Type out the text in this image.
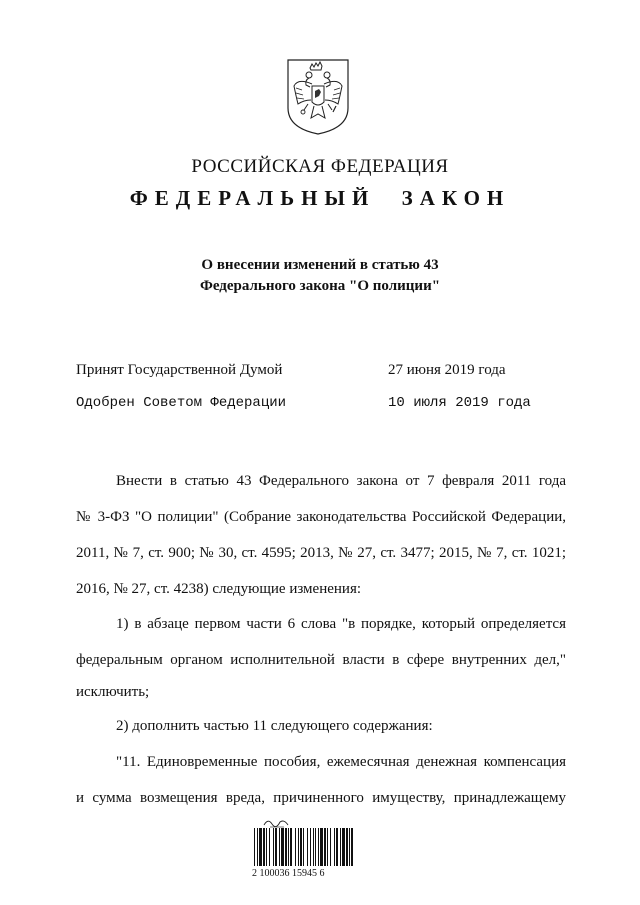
РОССИЙСКАЯ ФЕДЕРАЦИЯ
ФЕДЕРАЛЬНЫЙ ЗАКОН
О внесении изменений в статью 43
Федерального закона "О полиции"
Принят Государственной Думой	27 июня 2019 года
Одобрен Советом Федерации	10 июля 2019 года
Внести в статью 43 Федерального закона от 7 февраля 2011 года
№ 3-ФЗ "О полиции" (Собрание законодательства Российской Федерации,
2011, № 7, ст. 900; № 30, ст. 4595; 2013, № 27, ст. 3477; 2015, № 7, ст. 1021;
2016, № 27, ст. 4238) следующие изменения:
1) в абзаце первом части 6 слова "в порядке, который определяется
федеральным органом исполнительной власти в сфере внутренних дел,"
исключить;
2) дополнить частью 11 следующего содержания:
"11. Единовременные пособия, ежемесячная денежная компенсация
и сумма возмещения вреда, причиненного имуществу, принадлежащему
2 100036 15945 6
